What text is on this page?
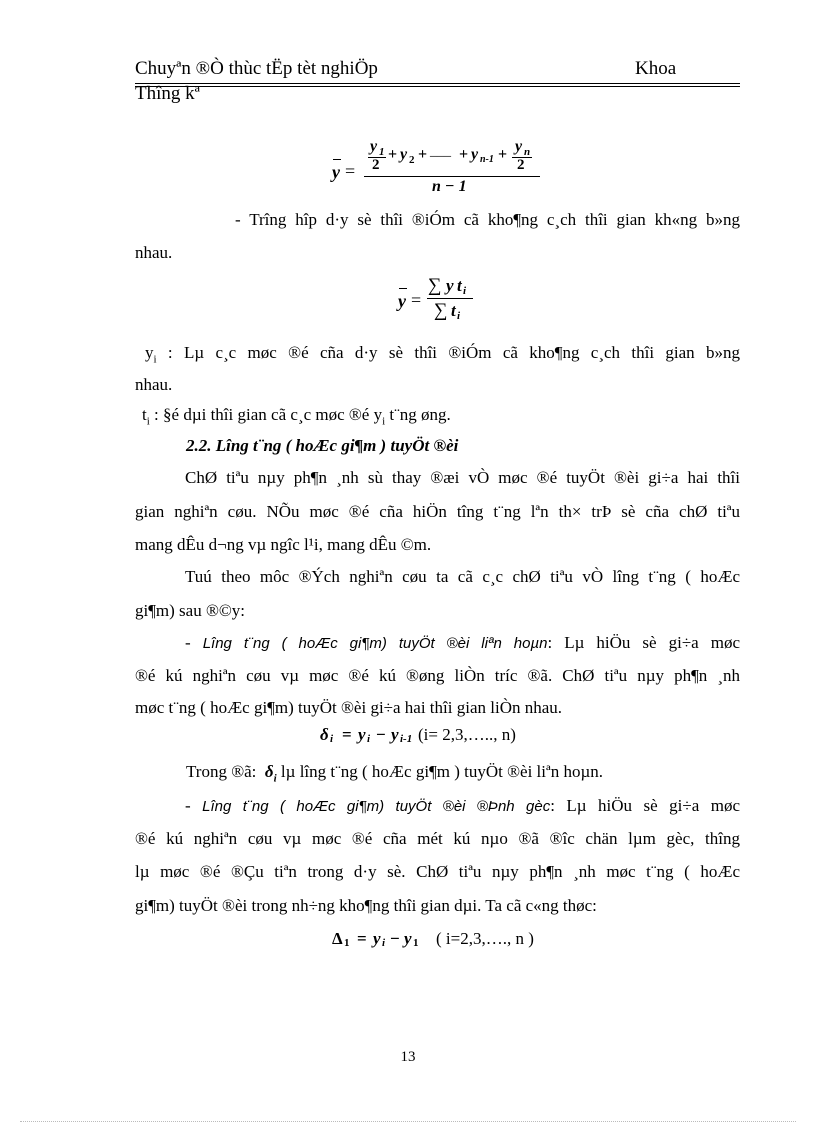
Chuyªn ®Ò thùc tËp tèt nghiÖp	Khoa
Thîng kª
y =
y 1
2
+ y 2 + ___ + y n-1 + y n
2
n − 1
- Trîng hîp d·y sè thîi ®iÓm cã kho¶ng c¸ch thîi gian kh«ng b»ng
nhau.
y =
∑ y t i
∑ t i
$y_i$ : Lµ c¸c møc ®é cña d·y sè thîi ®iÓm cã kho¶ng c¸ch thîi gian b»ng
nhau.
$t_i$ : §é dµi thîi gian cã c¸c møc ®é $y_i$ t¨ng øng.
2.2. Lîng t¨ng ( hoÆc gi¶m ) tuyÖt ®èi
ChØ tiªu nµy ph¶n ¸nh sù thay ®æi vÒ møc ®é tuyÖt ®èi gi÷a hai thîi
gian nghiªn cøu. NÕu møc ®é cña hiÖn tîng t¨ng lªn th× trÞ sè cña chØ tiªu
mang dÊu d¬ng vµ ngîc l¹i, mang dÊu ©m.
Tuú theo môc ®Ých nghiªn cøu ta cã c¸c chØ tiªu vÒ lîng t¨ng ( hoÆc
gi¶m) sau ®©y:
- Lîng t¨ng ( hoÆc gi¶m) tuyÖt ®èi liªn hoµn: Lµ hiÖu sè gi÷a møc
®é kú nghiªn cøu vµ møc ®é kú ®øng liÒn tríc ®ã. ChØ tiªu nµy ph¶n ¸nh
møc t¨ng ( hoÆc gi¶m) tuyÖt ®èi gi÷a hai thîi gian liÒn nhau.
δ i = y i − y i-1 (i= 2,3,….., n)
Trong ®ã: $\delta_i$ lµ lîng t¨ng ( hoÆc gi¶m ) tuyÖt ®èi liªn hoµn.
- Lîng t¨ng ( hoÆc gi¶m) tuyÖt ®èi ®Þnh gèc: Lµ hiÖu sè gi÷a møc
®é kú nghiªn cøu vµ møc ®é cña mét kú nµo ®ã ®îc chän lµm gèc, thîng
lµ møc ®é ®Çu tiªn trong d·y sè. ChØ tiªu nµy ph¶n ¸nh møc t¨ng ( hoÆc
gi¶m) tuyÖt ®èi trong nh÷ng kho¶ng thîi gian dµi. Ta cã c«ng thøc:
Δ 1 = y i − y 1 ( i=2,3,…., n )
13
